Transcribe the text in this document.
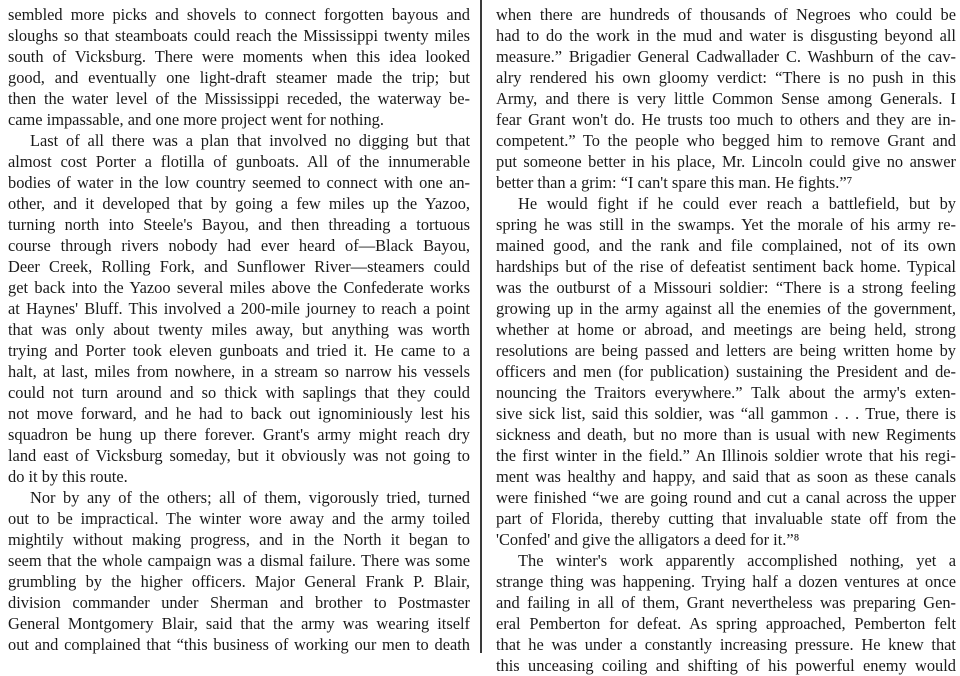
sembled more picks and shovels to connect forgotten bayous and
sloughs so that steamboats could reach the Mississippi twenty miles
south of Vicksburg. There were moments when this idea looked
good, and eventually one light-draft steamer made the trip; but
then the water level of the Mississippi receded, the waterway be-
came impassable, and one more project went for nothing.
Last of all there was a plan that involved no digging but that
almost cost Porter a flotilla of gunboats. All of the innumerable
bodies of water in the low country seemed to connect with one an-
other, and it developed that by going a few miles up the Yazoo,
turning north into Steele's Bayou, and then threading a tortuous
course through rivers nobody had ever heard of—Black Bayou,
Deer Creek, Rolling Fork, and Sunflower River—steamers could
get back into the Yazoo several miles above the Confederate works
at Haynes' Bluff. This involved a 200-mile journey to reach a point
that was only about twenty miles away, but anything was worth
trying and Porter took eleven gunboats and tried it. He came to a
halt, at last, miles from nowhere, in a stream so narrow his vessels
could not turn around and so thick with saplings that they could
not move forward, and he had to back out ignominiously lest his
squadron be hung up there forever. Grant's army might reach dry
land east of Vicksburg someday, but it obviously was not going to
do it by this route.
Nor by any of the others; all of them, vigorously tried, turned
out to be impractical. The winter wore away and the army toiled
mightily without making progress, and in the North it began to
seem that the whole campaign was a dismal failure. There was some
grumbling by the higher officers. Major General Frank P. Blair,
division commander under Sherman and brother to Postmaster
General Montgomery Blair, said that the army was wearing itself
out and complained that “this business of working our men to death
when there are hundreds of thousands of Negroes who could be
had to do the work in the mud and water is disgusting beyond all
measure.” Brigadier General Cadwallader C. Washburn of the cav-
alry rendered his own gloomy verdict: “There is no push in this
Army, and there is very little Common Sense among Generals. I
fear Grant won't do. He trusts too much to others and they are in-
competent.” To the people who begged him to remove Grant and
put someone better in his place, Mr. Lincoln could give no answer
better than a grim: “I can't spare this man. He fights.”⁷
He would fight if he could ever reach a battlefield, but by
spring he was still in the swamps. Yet the morale of his army re-
mained good, and the rank and file complained, not of its own
hardships but of the rise of defeatist sentiment back home. Typical
was the outburst of a Missouri soldier: “There is a strong feeling
growing up in the army against all the enemies of the government,
whether at home or abroad, and meetings are being held, strong
resolutions are being passed and letters are being written home by
officers and men (for publication) sustaining the President and de-
nouncing the Traitors everywhere.” Talk about the army's exten-
sive sick list, said this soldier, was “all gammon . . . True, there is
sickness and death, but no more than is usual with new Regiments
the first winter in the field.” An Illinois soldier wrote that his regi-
ment was healthy and happy, and said that as soon as these canals
were finished “we are going round and cut a canal across the upper
part of Florida, thereby cutting that invaluable state off from the
'Confed' and give the alligators a deed for it.”⁸
The winter's work apparently accomplished nothing, yet a
strange thing was happening. Trying half a dozen ventures at once
and failing in all of them, Grant nevertheless was preparing Gen-
eral Pemberton for defeat. As spring approached, Pemberton felt
that he was under a constantly increasing pressure. He knew that
this unceasing coiling and shifting of his powerful enemy would
